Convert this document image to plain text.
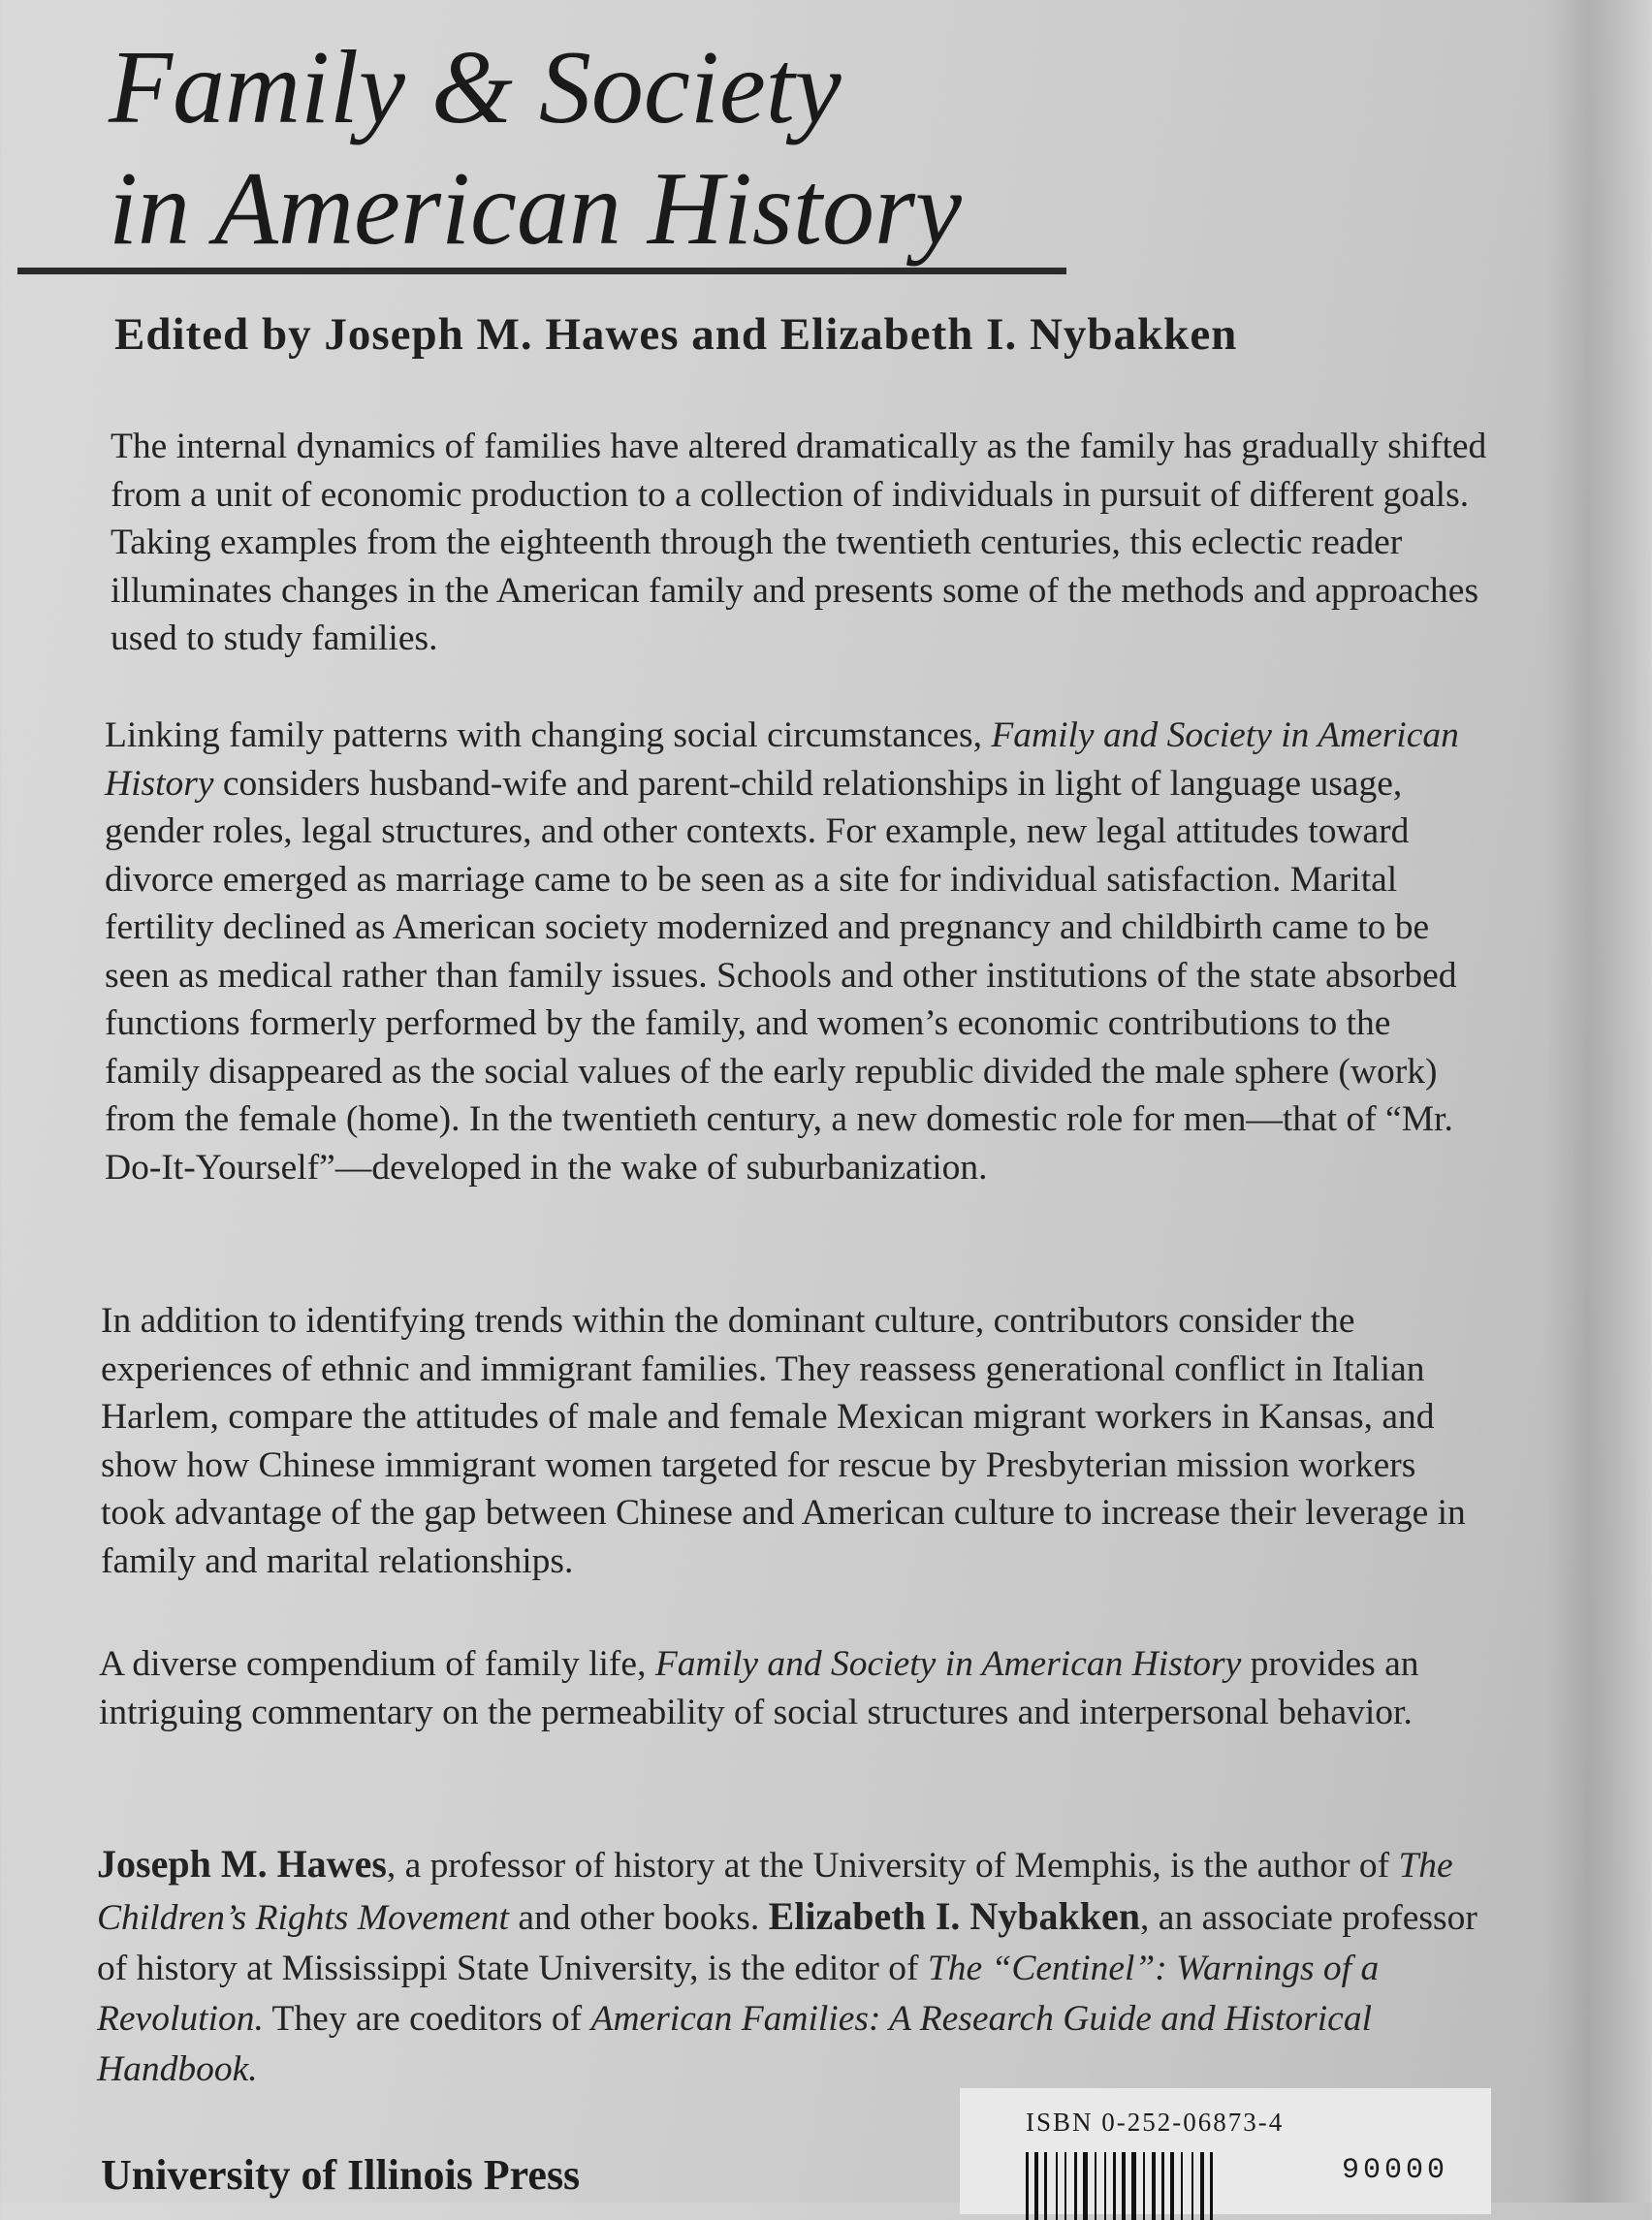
Family & Society
in American History
Edited by Joseph M. Hawes and Elizabeth I. Nybakken
The internal dynamics of families have altered dramatically as the family has gradually shifted from a unit of economic production to a collection of individuals in pursuit of different goals. Taking examples from the eighteenth through the twentieth centuries, this eclectic reader illuminates changes in the American family and presents some of the methods and approaches used to study families.
Linking family patterns with changing social circumstances, Family and Society in American History considers husband-wife and parent-child relationships in light of language usage, gender roles, legal structures, and other contexts. For example, new legal attitudes toward divorce emerged as marriage came to be seen as a site for individual satisfaction. Marital fertility declined as American society modernized and pregnancy and childbirth came to be seen as medical rather than family issues. Schools and other institutions of the state absorbed functions formerly performed by the family, and women’s economic contributions to the family disappeared as the social values of the early republic divided the male sphere (work) from the female (home). In the twentieth century, a new domestic role for men—that of “Mr. Do-It-Yourself”—developed in the wake of suburbanization.
In addition to identifying trends within the dominant culture, contributors consider the experiences of ethnic and immigrant families. They reassess generational conflict in Italian Harlem, compare the attitudes of male and female Mexican migrant workers in Kansas, and show how Chinese immigrant women targeted for rescue by Presbyterian mission workers took advantage of the gap between Chinese and American culture to increase their leverage in family and marital relationships.
A diverse compendium of family life, Family and Society in American History provides an intriguing commentary on the permeability of social structures and interpersonal behavior.
Joseph M. Hawes, a professor of history at the University of Memphis, is the author of The Children’s Rights Movement and other books. Elizabeth I. Nybakken, an associate professor of history at Mississippi State University, is the editor of The “Centinel”: Warnings of a Revolution. They are coeditors of American Families: A Research Guide and Historical Handbook.
University of Illinois Press
ISBN 0-252-06873-4
90000
